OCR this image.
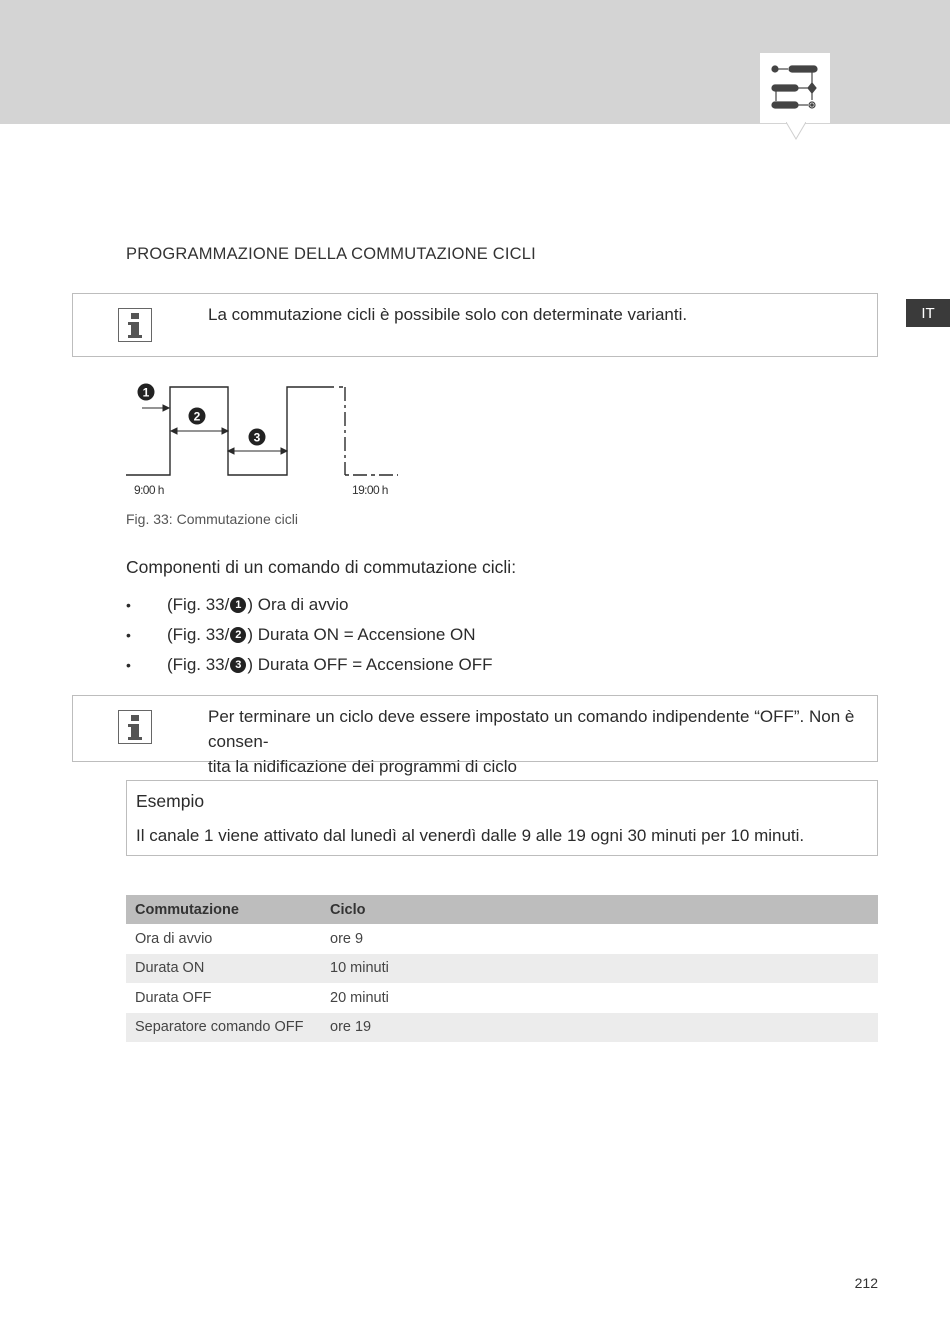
IT
PROGRAMMAZIONE DELLA COMMUTAZIONE CICLI
La commutazione cicli è possibile solo con determinate varianti.
1
2
3
9:00 h	19:00 h
Fig. 33: Commutazione cicli
Componenti di un comando di commutazione cicli:
•	(Fig. 33/ 1 ) Ora di avvio
•	(Fig. 33/ 2 ) Durata ON = Accensione ON
•	(Fig. 33/ 3 ) Durata OFF = Accensione OFF
Per terminare un ciclo deve essere impostato un comando indipendente “OFF”. Non è consen-
tita la nidificazione dei programmi di ciclo
Esempio
Il canale 1 viene attivato dal lunedì al venerdì dalle 9 alle 19 ogni 30 minuti per 10 minuti.
Commutazione	Ciclo
Ora di avvio	ore 9
Durata ON	10 minuti
Durata OFF	20 minuti
Separatore comando OFF	ore 19
212
